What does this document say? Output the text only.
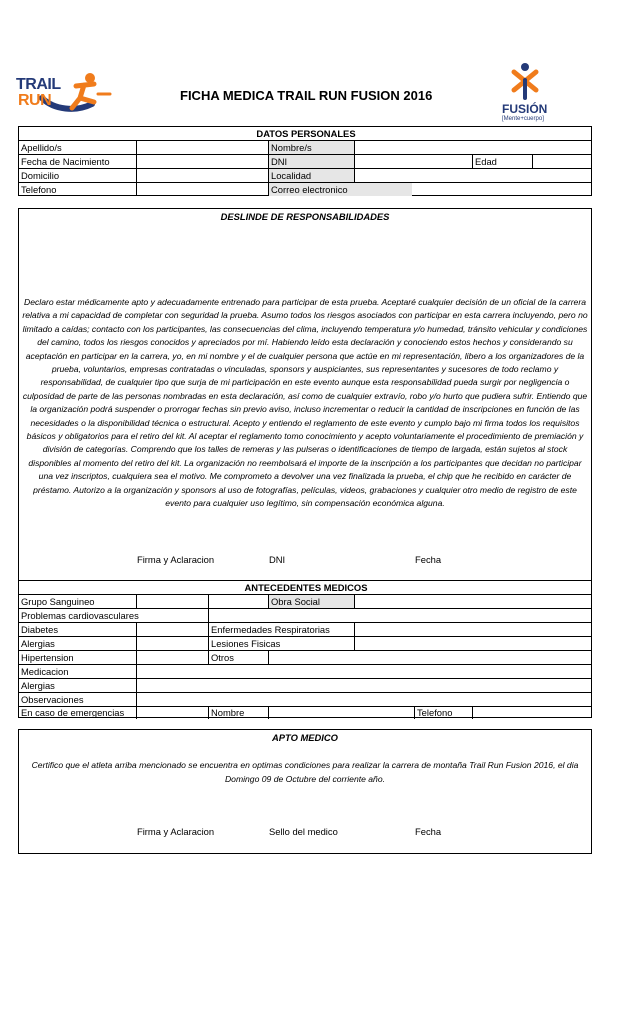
TRAIL
RUN	FICHA MEDICA TRAIL RUN FUSION 2016
FUSIÓN
[Mente+cuerpo]
DATOS PERSONALES
Apellido/s	Nombre/s
Fecha de Nacimiento	DNI	Edad
Domicilio	Localidad
Telefono	Correo electronico
DESLINDE DE RESPONSABILIDADES
Declaro estar médicamente apto y adecuadamente entrenado para participar de esta prueba. Aceptaré cualquier decisión de un oficial de la carrera relativa a mi capacidad de completar con seguridad la prueba. Asumo todos los riesgos asociados con participar en esta carrera incluyendo, pero no limitado a caídas; contacto con los participantes, las consecuencias del clima, incluyendo temperatura y/o humedad, tránsito vehicular y condiciones del camino, todos los riesgos conocidos y apreciados por mí. Habiendo leído esta declaración y conociendo estos hechos y considerando su aceptación en participar en la carrera, yo, en mi nombre y el de cualquier persona que actúe en mi representación, libero a los organizadores de la prueba, voluntarios, empresas contratadas o vinculadas, sponsors y auspiciantes, sus representantes y sucesores de todo reclamo y responsabilidad, de cualquier tipo que surja de mi participación en este evento aunque esta responsabilidad pueda surgir por negligencia o culposidad de parte de las personas nombradas en esta declaración, así como de cualquier extravío, robo y/o hurto que pudiera sufrir. Entiendo que la organización podrá suspender o prorrogar fechas sin previo aviso, incluso incrementar o reducir la cantidad de inscripciones en función de las necesidades o la disponibilidad técnica o estructural. Acepto y entiendo el reglamento de este evento y cumplo bajo mi firma todos los requisitos básicos y obligatorios para el retiro del kit. Al aceptar el reglamento tomo conocimiento y acepto voluntariamente el procedimiento de premiación y división de categorías. Comprendo que los talles de remeras y las pulseras o identificaciones de tiempo de largada, están sujetos al stock disponibles al momento del retiro del kit. La organización no reembolsará el importe de la inscripción a los participantes que decidan no participar una vez inscriptos, cualquiera sea el motivo. Me comprometo a devolver una vez finalizada la prueba, el chip que he recibido en carácter de préstamo. Autorizo a la organización y sponsors al uso de fotografías, películas, videos, grabaciones y cualquier otro medio de registro de este evento para cualquier uso legítimo, sin compensación económica alguna.
Firma y Aclaracion	DNI	Fecha
ANTECEDENTES MEDICOS
Grupo Sanguineo	Obra Social
Problemas cardiovasculares
Diabetes	Enfermedades Respiratorias
Alergias	Lesiones Fisicas
Hipertension	Otros
Medicacion
Alergias
Observaciones
En caso de emergencias	Nombre	Telefono
APTO MEDICO
Certifico que el atleta arriba mencionado se encuentra en optimas condiciones para realizar la carrera de montaña Trail Run Fusion 2016, el dia Domingo 09 de Octubre del corriente año.
Firma y Aclaracion	Sello del medico	Fecha
